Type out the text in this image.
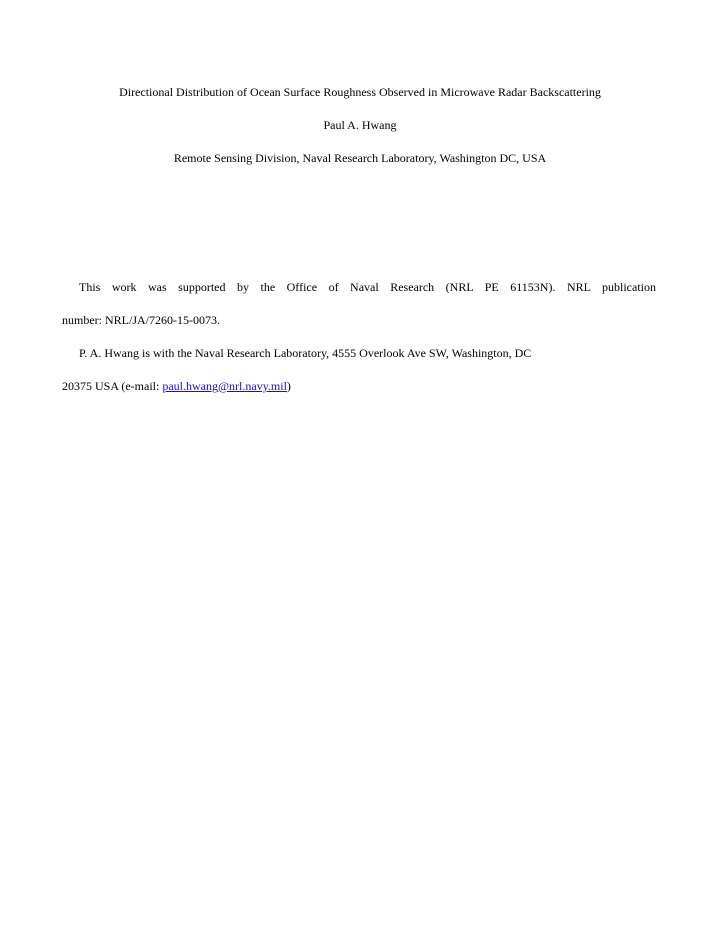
Directional Distribution of Ocean Surface Roughness Observed in Microwave Radar Backscattering
Paul A. Hwang
Remote Sensing Division, Naval Research Laboratory, Washington DC, USA
This work was supported by the Office of Naval Research (NRL PE 61153N). NRL publication
number: NRL/JA/7260-15-0073.
P. A. Hwang is with the Naval Research Laboratory, 4555 Overlook Ave SW, Washington, DC
20375 USA (e-mail: paul.hwang@nrl.navy.mil)
